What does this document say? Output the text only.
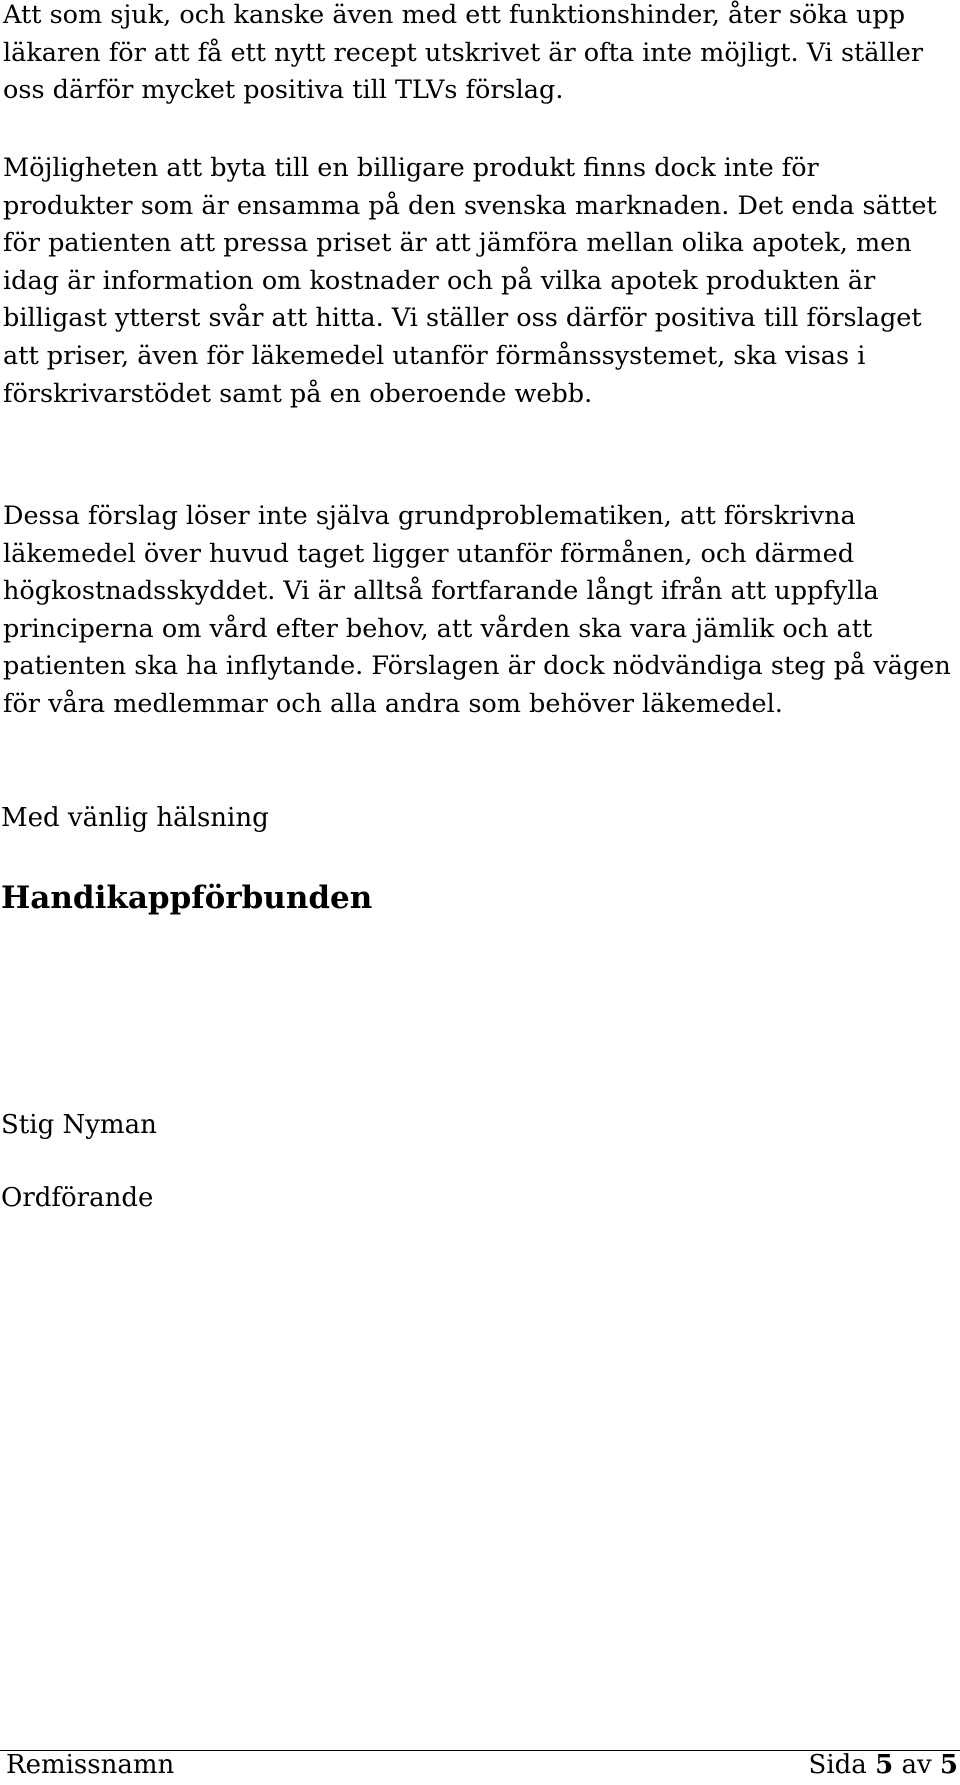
Att som sjuk, och kanske även med ett funktionshinder, åter söka upp läkaren för att få ett nytt recept utskrivet är ofta inte möjligt. Vi ställer oss därför mycket positiva till TLVs förslag.

Möjligheten att byta till en billigare produkt finns dock inte för produkter som är ensamma på den svenska marknaden. Det enda sättet för patienten att pressa priset är att jämföra mellan olika apotek, men idag är information om kostnader och på vilka apotek produkten är billigast ytterst svår att hitta. Vi ställer oss därför positiva till förslaget att priser, även för läkemedel utanför förmånssystemet, ska visas i förskrivarstödet samt på en oberoende webb.

Dessa förslag löser inte själva grundproblematiken, att förskrivna läkemedel över huvud taget ligger utanför förmånen, och därmed högkostnadsskyddet. Vi är alltså fortfarande långt ifrån att uppfylla principerna om vård efter behov, att vården ska vara jämlik och att patienten ska ha inflytande. Förslagen är dock nödvändiga steg på vägen för våra medlemmar och alla andra som behöver läkemedel.

Med vänlig hälsning

Handikappförbunden

Stig Nyman

Ordförande

Remissnamn	Sida 5 av 5
